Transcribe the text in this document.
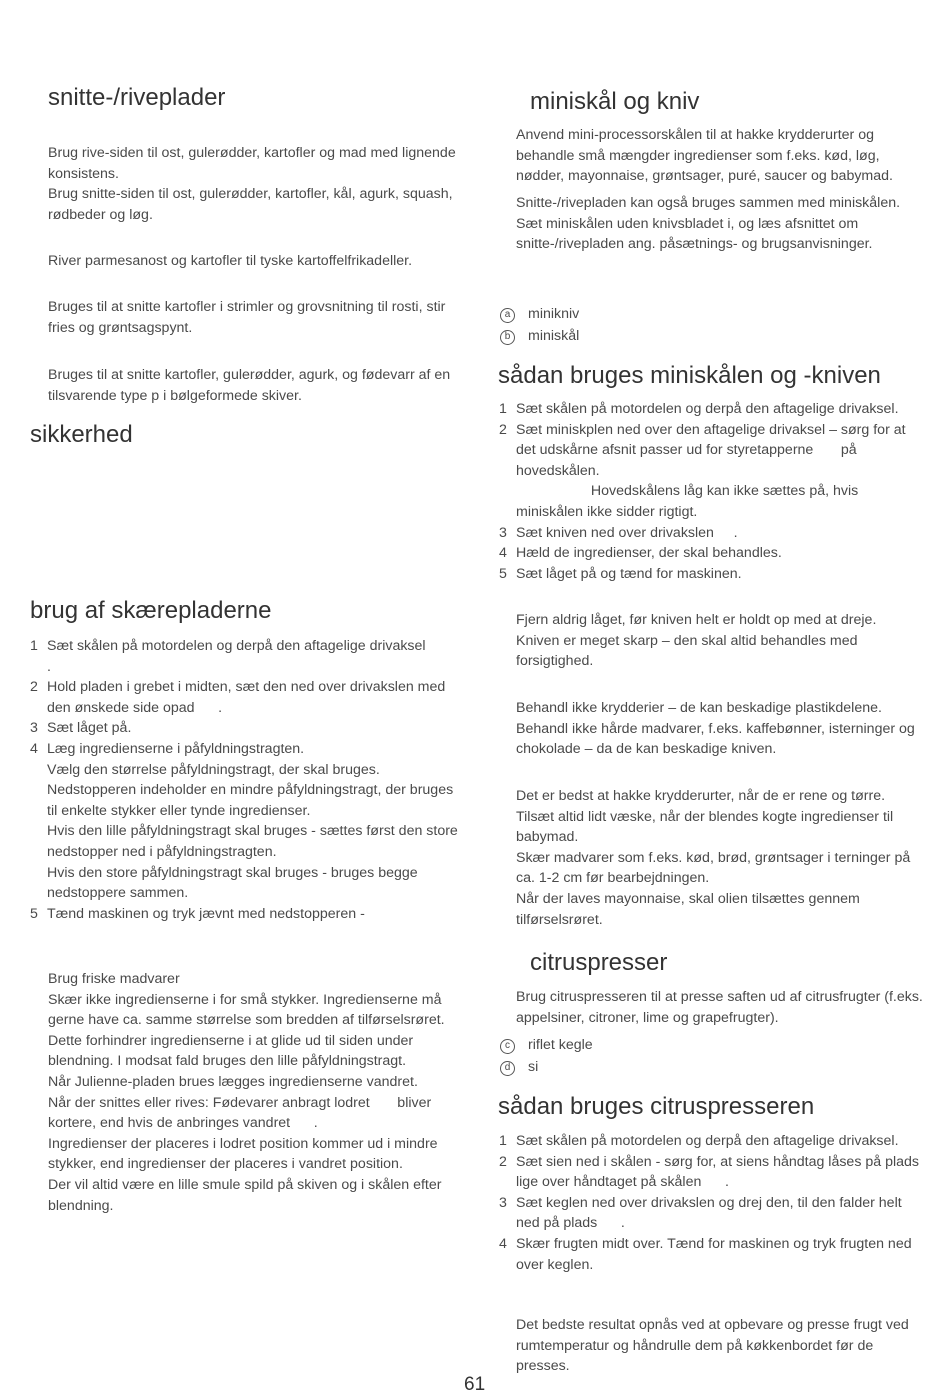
snitte-/riveplader
Brug rive-siden til ost, gulerødder, kartofler og mad med lignende konsistens.
Brug snitte-siden til ost, gulerødder, kartofler, kål, agurk, squash, rødbeder og løg.
River parmesanost og kartofler til tyske kartoffelfrikadeller.
Bruges til at snitte kartofler i strimler og grovsnitning til rosti, stir fries og grøntsagspynt.
Bruges til at snitte kartofler, gulerødder, agurk, og fødevarr af en tilsvarende type p i bølgeformede skiver.
sikkerhed
brug af skærepladerne
1 Sæt skålen på motordelen og derpå den aftagelige drivaksel
.
2 Hold pladen i grebet i midten, sæt den ned over drivakslen med den ønskede side opad      .
3 Sæt låget på.
4 Læg ingredienserne i påfyldningstragten.
Vælg den størrelse påfyldningstragt, der skal bruges.
Nedstopperen indeholder en mindre påfyldningstragt, der bruges til enkelte stykker eller tynde ingredienser.
Hvis den lille påfyldningstragt skal bruges - sættes først den store nedstopper ned i påfyldningstragten.
Hvis den store påfyldningstragt skal bruges - bruges begge nedstoppere sammen.
5 Tænd maskinen og tryk jævnt med nedstopperen -
Brug friske madvarer
Skær ikke ingredienserne i for små stykker. Ingredienserne må gerne have ca. samme størrelse som bredden af tilførselsrøret. Dette forhindrer ingredienserne i at glide ud til siden under blendning. I modsat fald bruges den lille påfyldningstragt.
Når Julienne-pladen brues lægges ingredienserne vandret.
Når der snittes eller rives: Fødevarer anbragt lodret       bliver kortere, end hvis de anbringes vandret      .
Ingredienser der placeres i lodret position kommer ud i mindre stykker, end ingredienser der placeres i vandret position.
Der vil altid være en lille smule spild på skiven og i skålen efter blendning.
miniskål og kniv
Anvend mini-processorskålen til at hakke krydderurter og behandle små mængder ingredienser som f.eks. kød, løg, nødder, mayonnaise, grøntsager, puré, saucer og babymad.
Snitte-/rivepladen kan også bruges sammen med miniskålen.
Sæt miniskålen uden knivsbladet i, og læs afsnittet om snitte-/rivepladen ang. påsætnings- og brugsanvisninger.
a minikniv
b miniskål
sådan bruges miniskålen og -kniven
1 Sæt skålen på motordelen og derpå den aftagelige drivaksel.
2 Sæt miniskplen ned over den aftagelige drivaksel – sørg for at det udskårne afsnit passer ud for styretapperne       på hovedskålen.
Hovedskålens låg kan ikke sættes på, hvis miniskålen ikke sidder rigtigt.
3 Sæt kniven ned over drivakslen     .
4 Hæld de ingredienser, der skal behandles.
5 Sæt låget på og tænd for maskinen.
Fjern aldrig låget, før kniven helt er holdt op med at dreje.
Kniven er meget skarp – den skal altid behandles med forsigtighed.
Behandl ikke krydderier – de kan beskadige plastikdelene.
Behandl ikke hårde madvarer, f.eks. kaffebønner, isterninger og chokolade – da de kan beskadige kniven.
Det er bedst at hakke krydderurter, når de er rene og tørre.
Tilsæt altid lidt væske, når der blendes kogte ingredienser til babymad.
Skær madvarer som f.eks. kød, brød, grøntsager i terninger på ca. 1-2 cm før bearbejdningen.
Når der laves mayonnaise, skal olien tilsættes gennem tilførselsrøret.
citruspresser
Brug citruspresseren til at presse saften ud af citrusfrugter (f.eks. appelsiner, citroner, lime og grapefrugter).
c riflet kegle
d si
sådan bruges citruspresseren
1 Sæt skålen på motordelen og derpå den aftagelige drivaksel.
2 Sæt sien ned i skålen - sørg for, at siens håndtag låses på plads lige over håndtaget på skålen      .
3 Sæt keglen ned over drivakslen og drej den, til den falder helt ned på plads      .
4 Skær frugten midt over. Tænd for maskinen og tryk frugten ned over keglen.
Det bedste resultat opnås ved at opbevare og presse frugt ved rumtemperatur og håndrulle dem på køkkenbordet før de presses.
61
